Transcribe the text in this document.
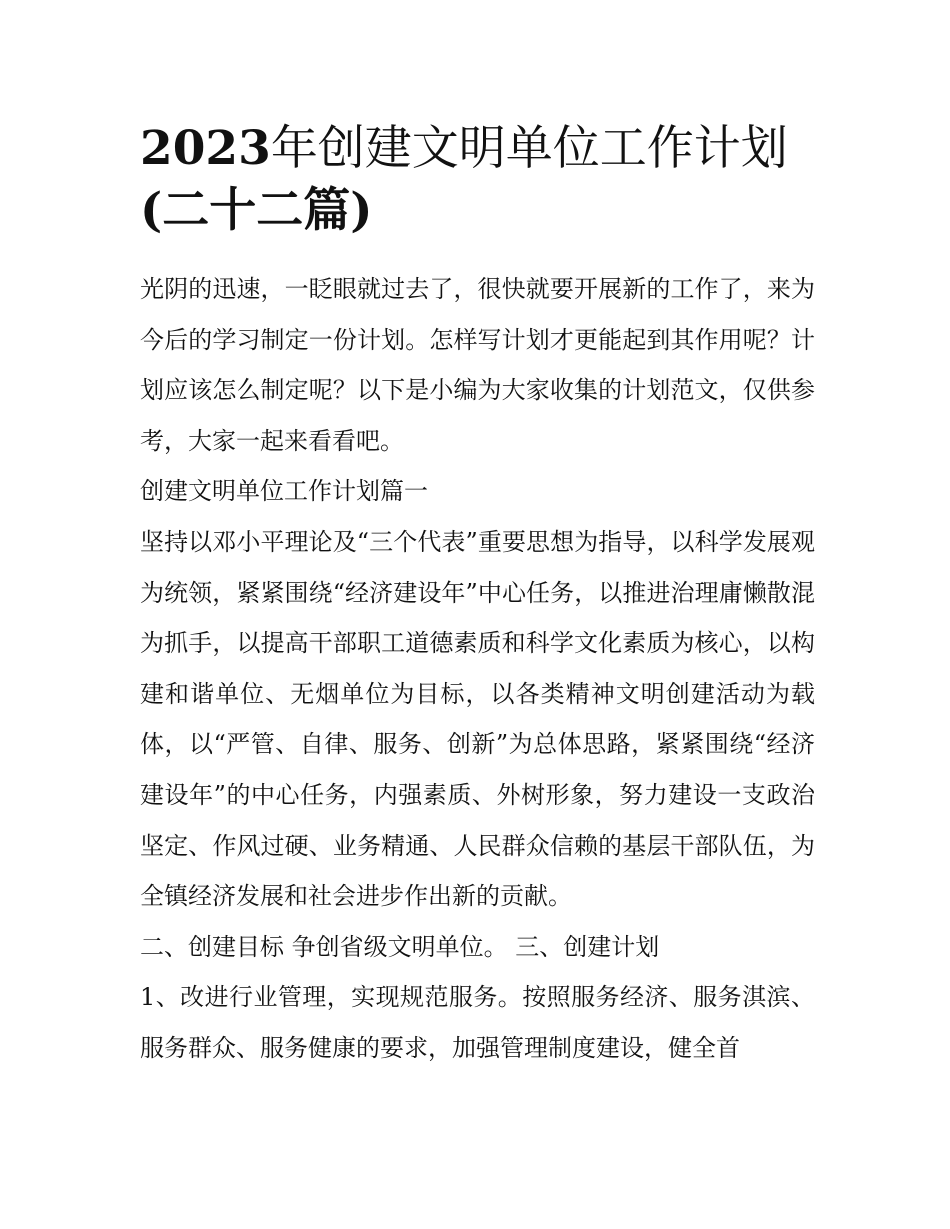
2023年创建文明单位工作计划
(二十二篇)

光阴的迅速，一眨眼就过去了，很快就要开展新的工作了，来为今后的学习制定一份计划。怎样写计划才更能起到其作用呢？计划应该怎么制定呢？以下是小编为大家收集的计划范文，仅供参考，大家一起来看看吧。

创建文明单位工作计划篇一

坚持以邓小平理论及“三个代表”重要思想为指导，以科学发展观为统领，紧紧围绕“经济建设年”中心任务，以推进治理庸懒散混为抓手，以提高干部职工道德素质和科学文化素质为核心，以构建和谐单位、无烟单位为目标，以各类精神文明创建活动为载体，以“严管、自律、服务、创新”为总体思路，紧紧围绕“经济建设年”的中心任务，内强素质、外树形象，努力建设一支政治坚定、作风过硬、业务精通、人民群众信赖的基层干部队伍，为全镇经济发展和社会进步作出新的贡献。

二、创建目标 争创省级文明单位。 三、创建计划

1、改进行业管理，实现规范服务。按照服务经济、服务淇滨、服务群众、服务健康的要求，加强管理制度建设，健全首
